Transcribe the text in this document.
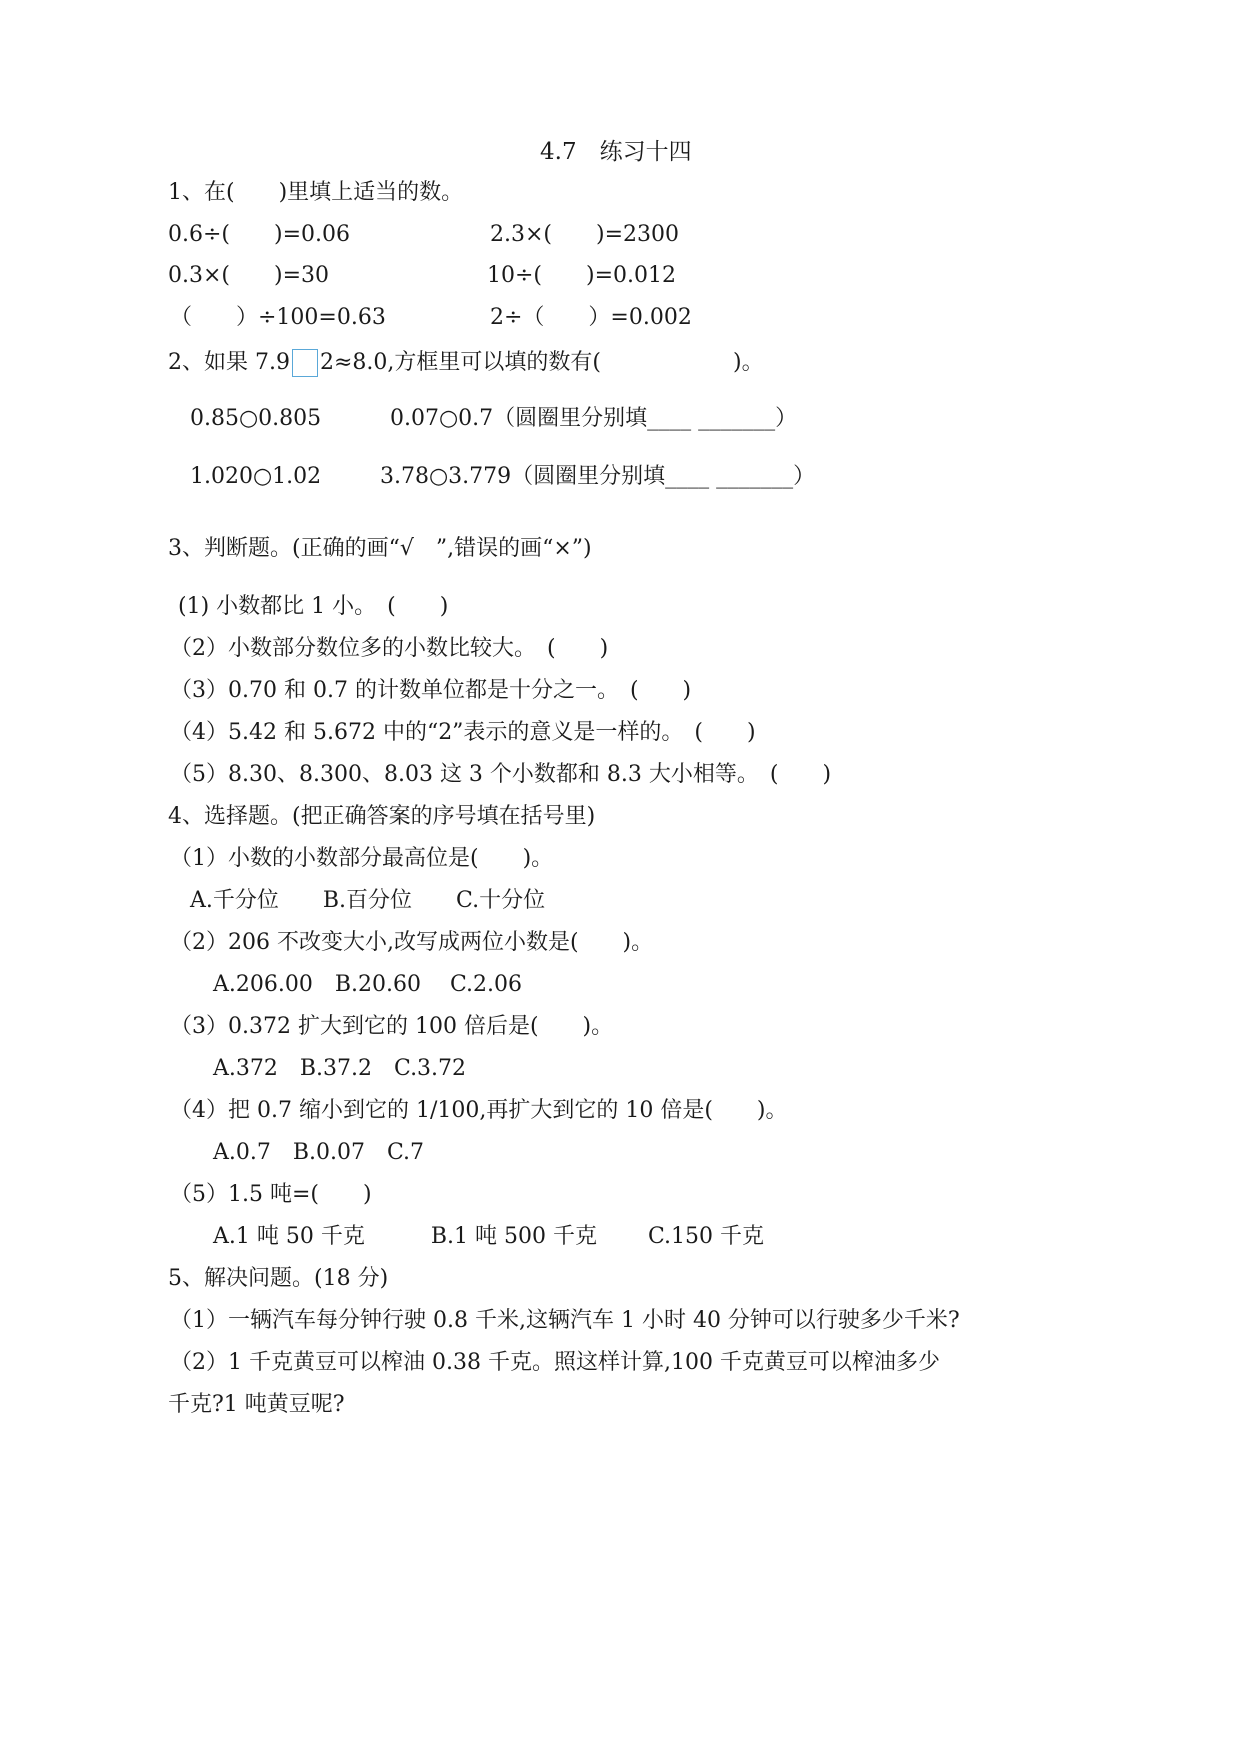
4.7　练习十四
1、在(　　)里填上适当的数。
0.6÷(　　)=0.06	2.3×(　　)=2300
0.3×(　　)=30	10÷(　　)=0.012
（　　）÷100=0.63	2÷（　　）=0.002
2、如果 7.9 2≈8.0,方框里可以填的数有(　　　　　　)。
0.85○0.805	0.07○0.7（圆圈里分别填____ _______）
1.020○1.02	3.78○3.779（圆圈里分别填____ _______）
3、判断题。(正确的画“√　”,错误的画“×”)
(1) 小数都比 1 小。　(　　)
（2）小数部分数位多的小数比较大。　(　　)
（3）0.70 和 0.7 的计数单位都是十分之一。　(　　)
（4）5.42 和 5.672 中的“2”表示的意义是一样的。　(　　)
（5）8.30、8.300、8.03 这 3 个小数都和 8.3 大小相等。　(　　)
4、选择题。(把正确答案的序号填在括号里)
（1）小数的小数部分最高位是(　　)。
A.千分位　　B.百分位　　C.十分位
（2）206 不改变大小,改写成两位小数是(　　)。
A.206.00　B.20.60　 C.2.06
（3）0.372 扩大到它的 100 倍后是(　　)。
A.372　B.37.2　C.3.72
（4）把 0.7 缩小到它的 1/100,再扩大到它的 10 倍是(　　)。
A.0.7　B.0.07　C.7
（5）1.5 吨=(　　)
A.1 吨 50 千克　　　B.1 吨 500 千克　　 C.150 千克
5、解决问题。(18 分)
（1）一辆汽车每分钟行驶 0.8 千米,这辆汽车 1 小时 40 分钟可以行驶多少千米?
（2）1 千克黄豆可以榨油 0.38 千克。照这样计算,100 千克黄豆可以榨油多少
千克?1 吨黄豆呢?
